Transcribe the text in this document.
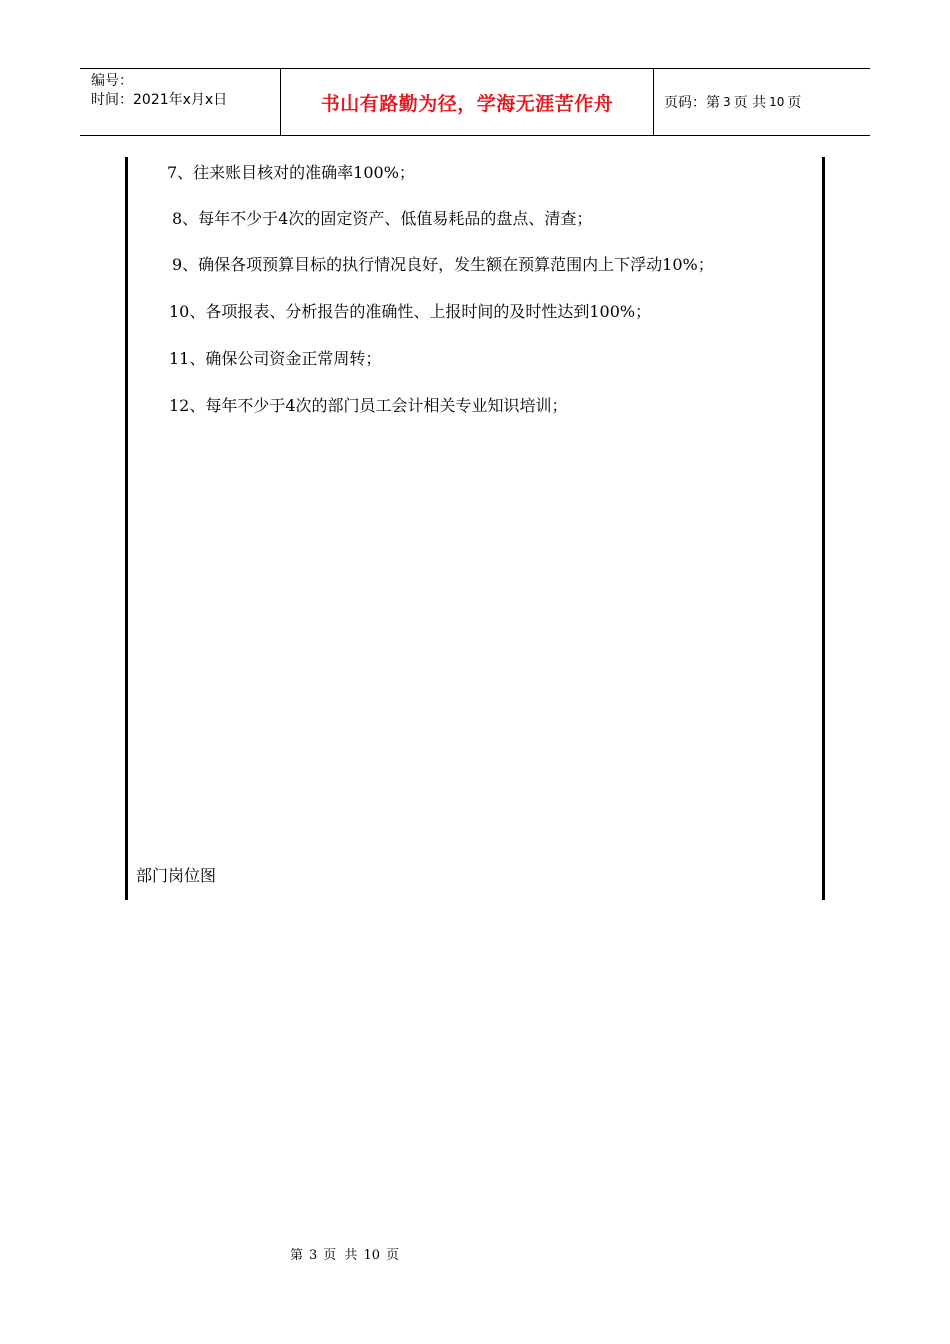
编号：
时间：2021年x月x日	书山有路勤为径，学海无涯苦作舟	页码：第 3 页 共 10 页
7、往来账目核对的准确率100%；
8、每年不少于4次的固定资产、低值易耗品的盘点、清查；
9、确保各项预算目标的执行情况良好，发生额在预算范围内上下浮动10%；
10、各项报表、分析报告的准确性、上报时间的及时性达到100%；
11、确保公司资金正常周转；
12、每年不少于4次的部门员工会计相关专业知识培训；
部门岗位图
第 3 页 共 10 页
